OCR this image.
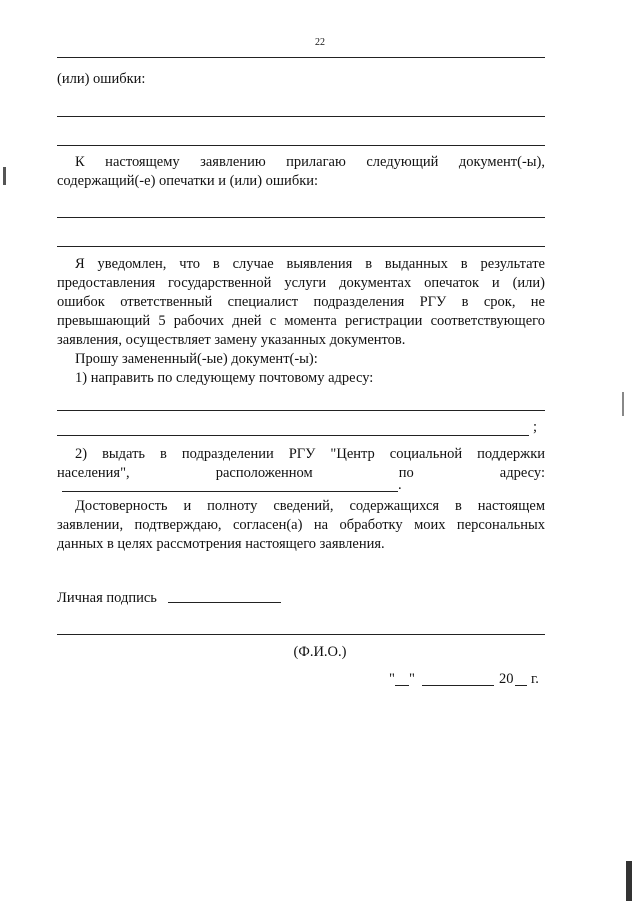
22
(или) ошибки:
К настоящему заявлению прилагаю следующий документ(-ы),
содержащий(-е) опечатки и (или) ошибки:
Я уведомлен, что в случае выявления в выданных в результате
предоставления государственной услуги документах опечаток и (или)
ошибок ответственный специалист подразделения РГУ в срок, не
превышающий 5 рабочих дней с момента регистрации соответствующего
заявления, осуществляет замену указанных документов.
Прошу замененный(-ые) документ(-ы):
1) направить по следующему почтовому адресу:
;
2) выдать в подразделении РГУ "Центр социальной поддержки
населения", расположенном по адресу:
.
Достоверность и полноту сведений, содержащихся в настоящем
заявлении, подтверждаю, согласен(а) на обработку моих персональных
данных в целях рассмотрения настоящего заявления.
Личная подпись
(Ф.И.О.)
" "	20 г.
